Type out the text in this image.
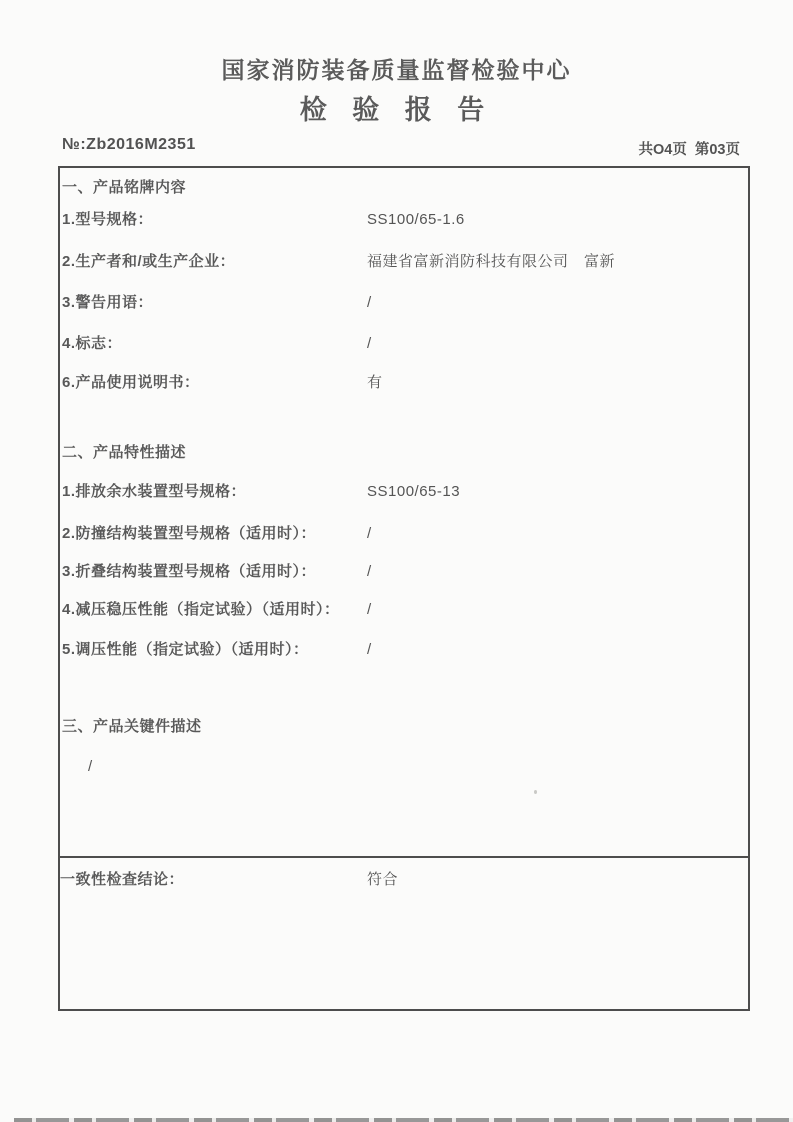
国家消防装备质量监督检验中心
检 验 报 告
№:Zb2016M2351	共O4页 第03页
一、产品铭牌内容
1.型号规格：	SS100/65-1.6
2.生产者和/或生产企业：	福建省富新消防科技有限公司　富新
3.警告用语：	/
4.标志：	/
6.产品使用说明书：	有
二、产品特性描述
1.排放余水装置型号规格：	SS100/65-13
2.防撞结构装置型号规格（适用时）：	/
3.折叠结构装置型号规格（适用时）：	/
4.减压稳压性能（指定试验）（适用时）： /
5.调压性能（指定试验）（适用时）：	/
三、产品关键件描述
/
一致性检查结论：	符合
